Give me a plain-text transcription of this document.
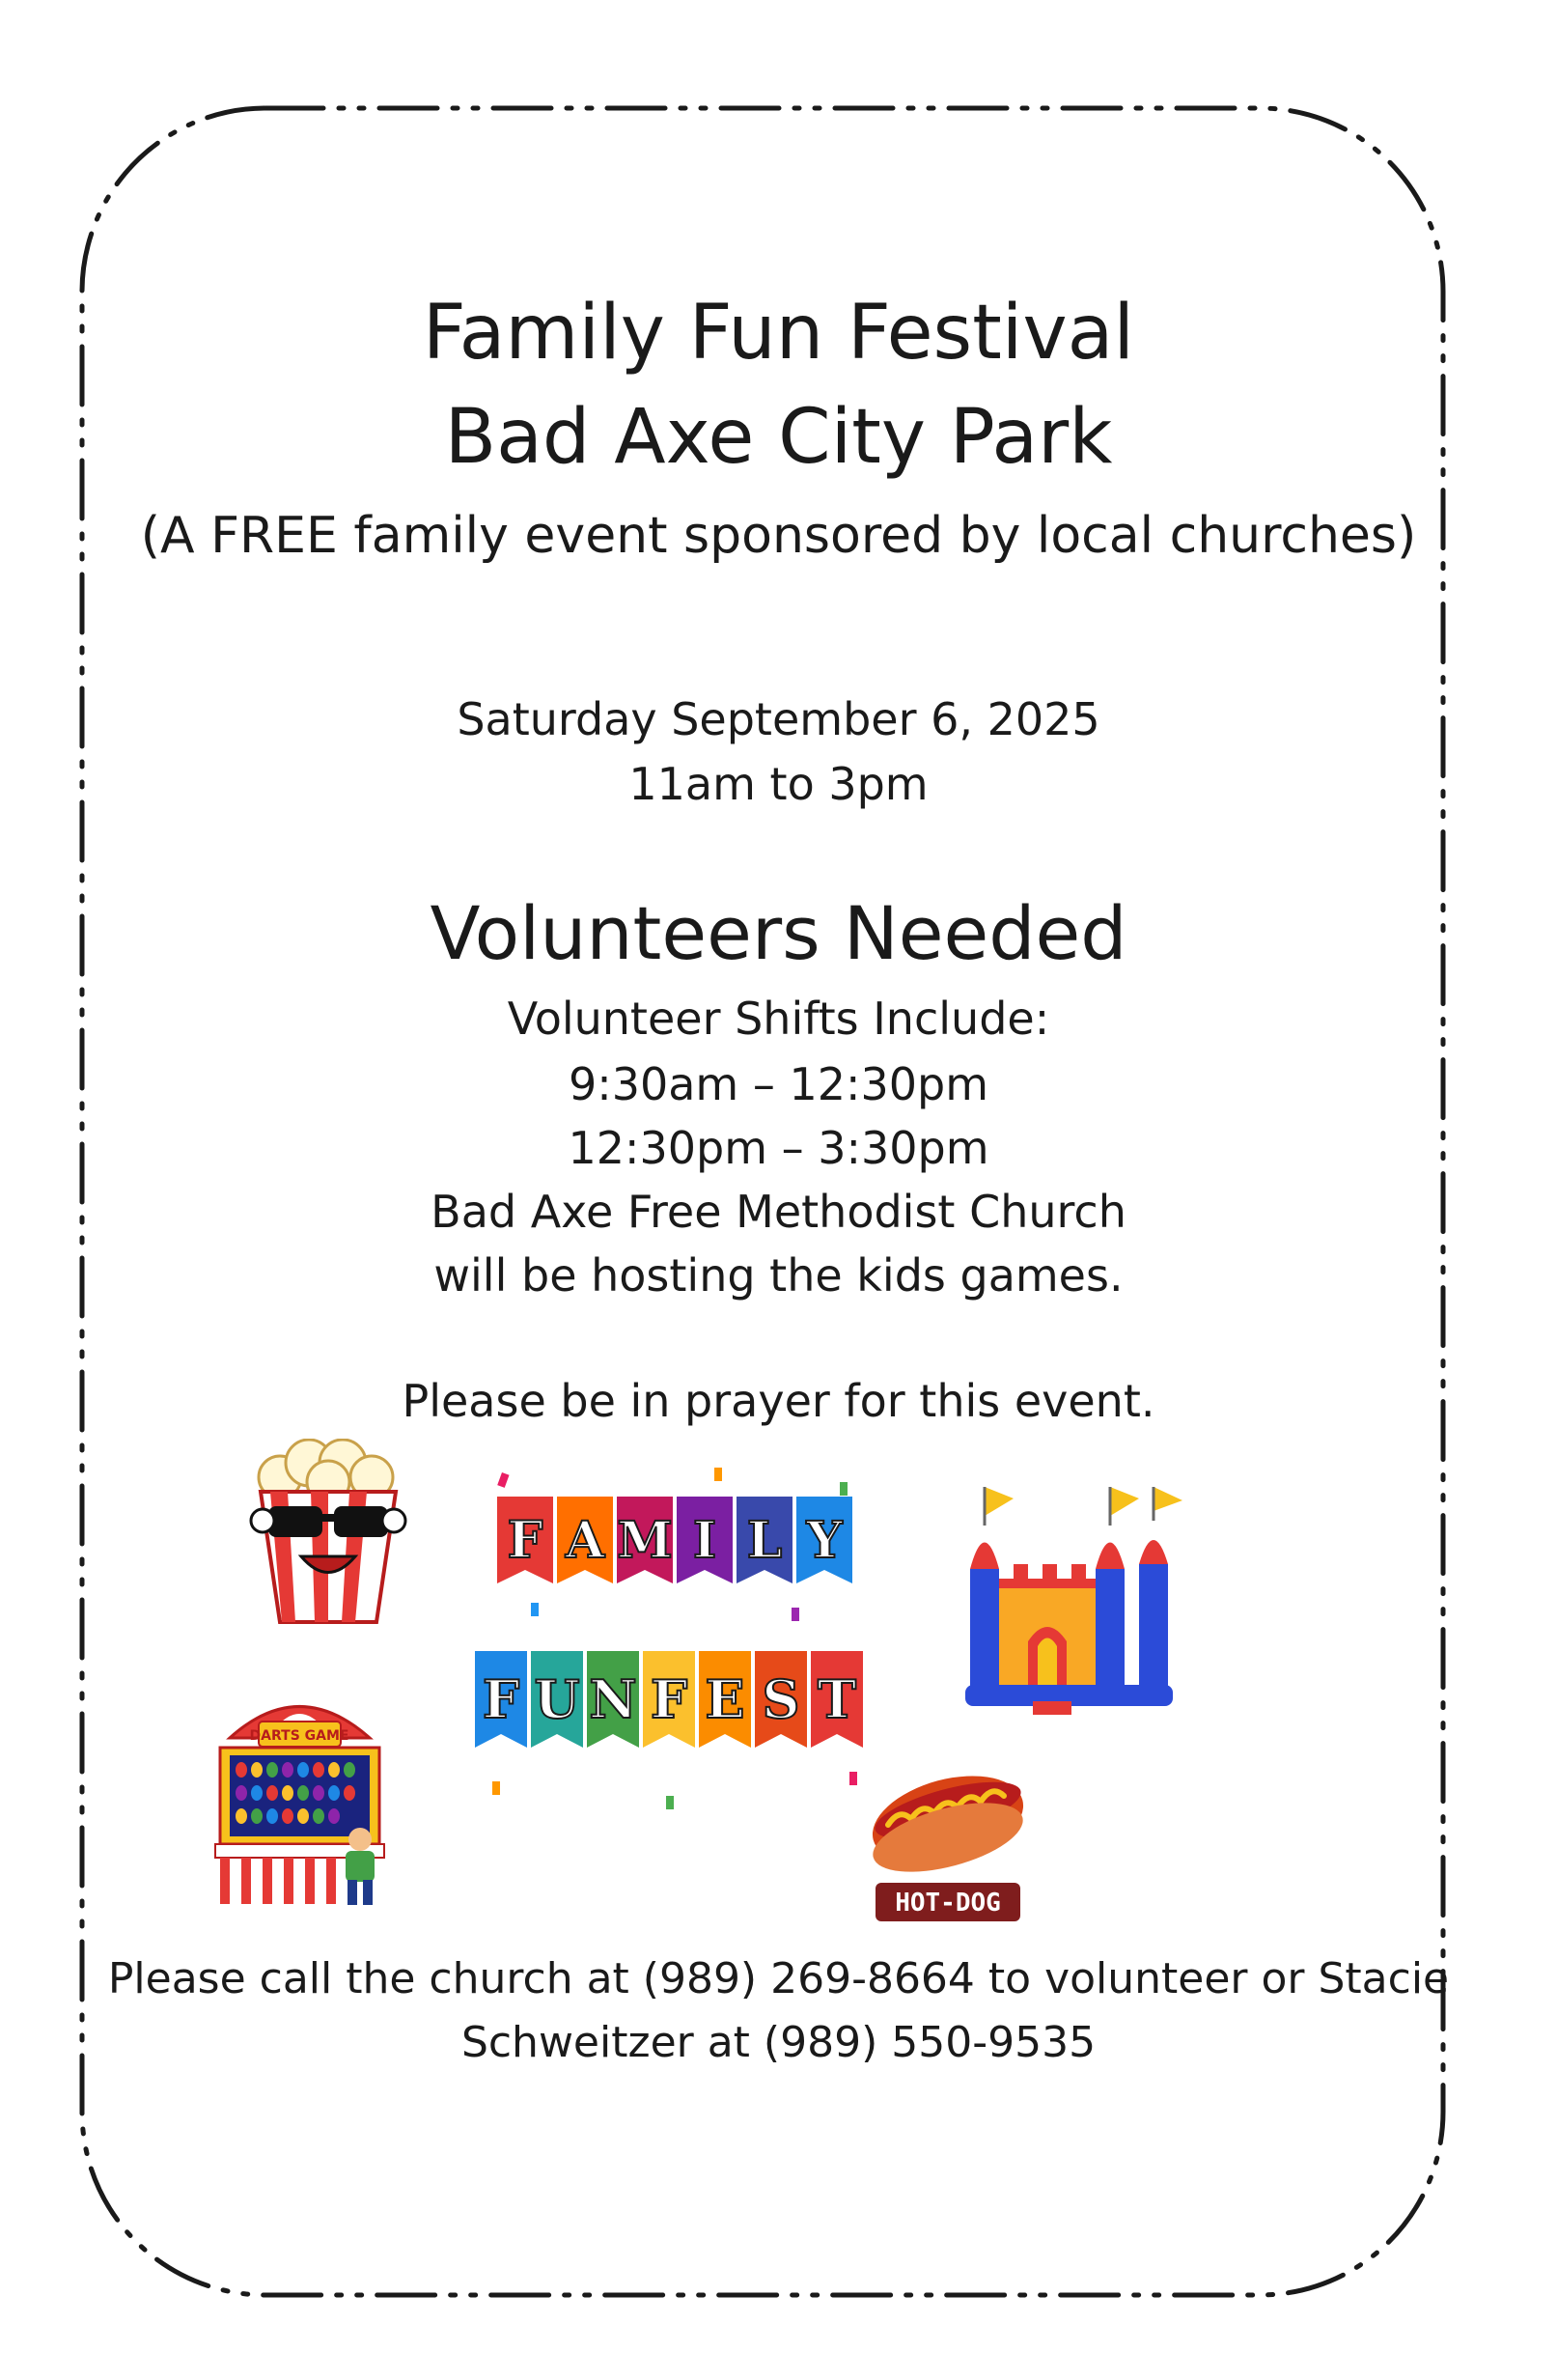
Family Fun Festival
Bad Axe City Park
(A FREE family event sponsored by local churches)
Saturday September 6, 2025
11am to 3pm
Volunteers Needed
Volunteer Shifts Include:
9:30am – 12:30pm
12:30pm – 3:30pm
Bad Axe Free Methodist Church
will be hosting the kids games.
Please be in prayer for this event.
Please call the church at (989) 269-8664 to volunteer or Stacie
Schweitzer at (989) 550-9535
F A M I L Y
F U N F E S T
DARTS GAME
HOT-DOG
